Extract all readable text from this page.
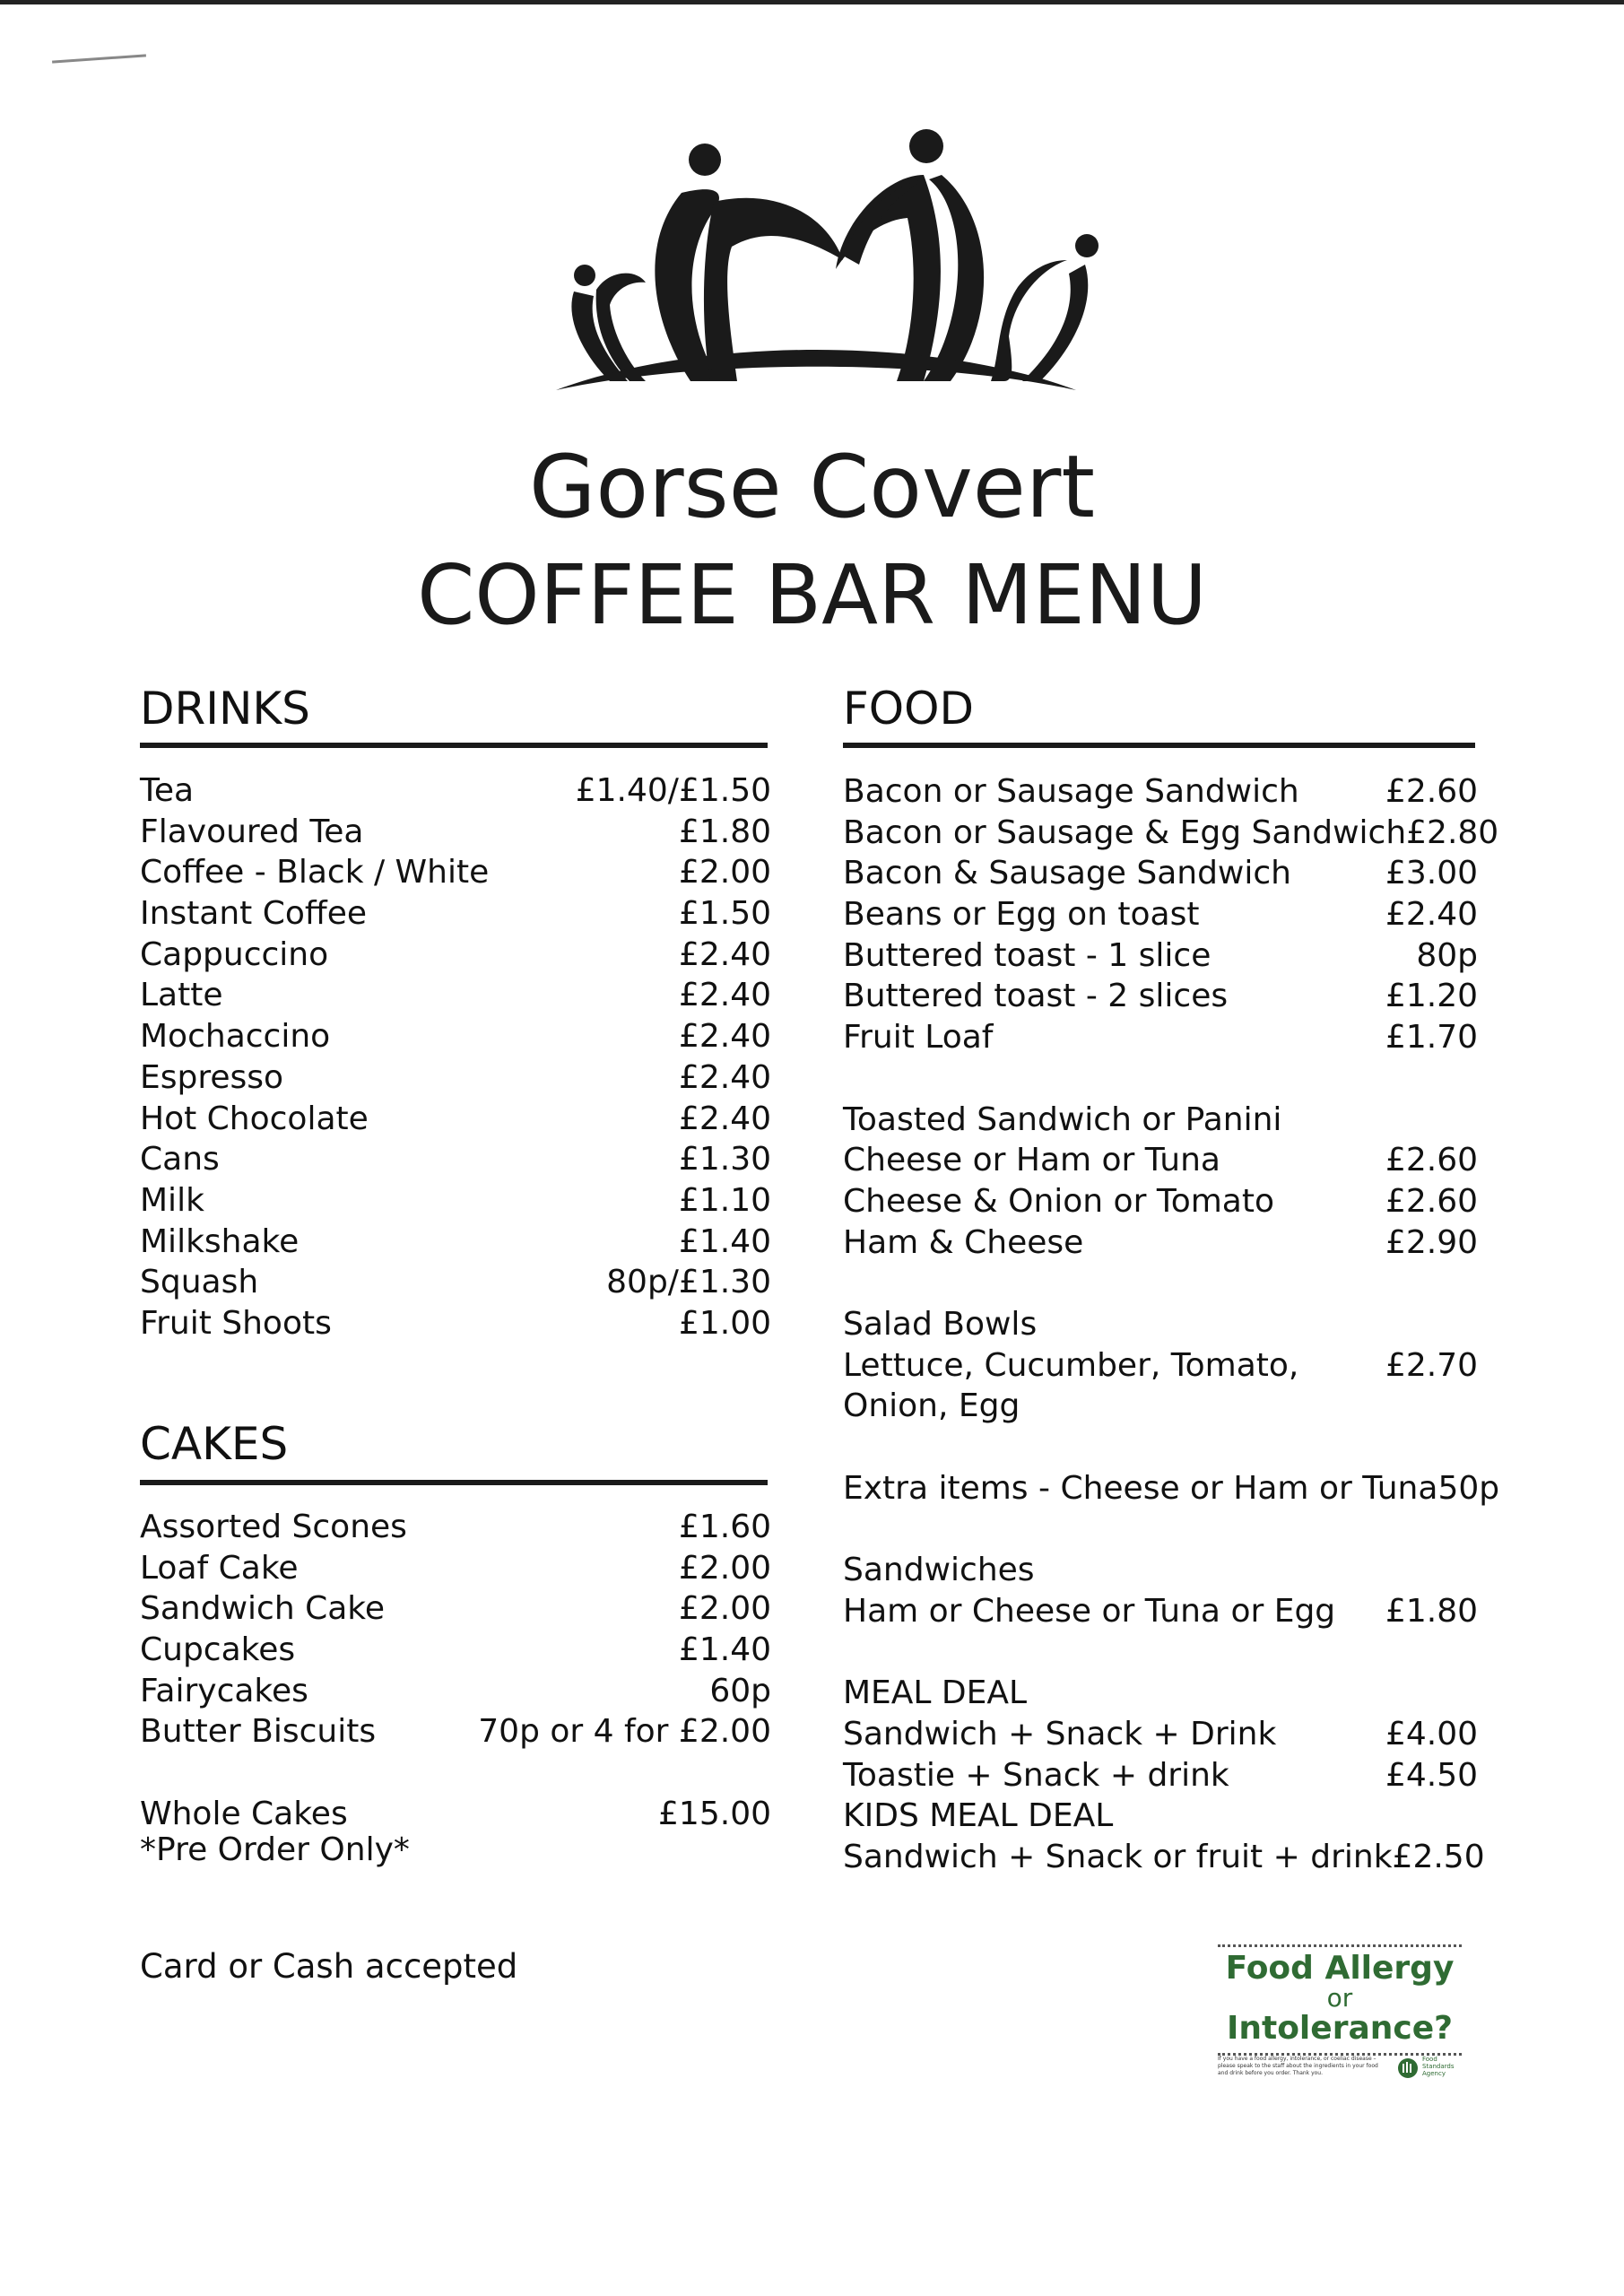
Gorse Covert
COFFEE BAR MENU
DRINKS
Tea	£1.40/£1.50
Flavoured Tea	£1.80
Coffee - Black / White	£2.00
Instant Coffee	£1.50
Cappuccino	£2.40
Latte	£2.40
Mochaccino	£2.40
Espresso	£2.40
Hot Chocolate	£2.40
Cans	£1.30
Milk	£1.10
Milkshake	£1.40
Squash	80p/£1.30
Fruit Shoots	£1.00
CAKES
Assorted Scones	£1.60
Loaf Cake	£2.00
Sandwich Cake	£2.00
Cupcakes	£1.40
Fairycakes	60p
Butter Biscuits	70p or 4 for £2.00
Whole Cakes	£15.00
*Pre Order Only*
FOOD
Bacon or Sausage Sandwich	£2.60
Bacon or Sausage & Egg Sandwich £2.80
Bacon & Sausage Sandwich	£3.00
Beans or Egg on toast	£2.40
Buttered toast - 1 slice	80p
Buttered toast - 2 slices	£1.20
Fruit Loaf	£1.70
Toasted Sandwich or Panini
Cheese or Ham or Tuna	£2.60
Cheese & Onion or Tomato	£2.60
Ham & Cheese	£2.90
Salad Bowls
Lettuce, Cucumber, Tomato,	£2.70
Onion, Egg
Extra items - Cheese or Ham or Tuna 50p
Sandwiches
Ham or Cheese or Tuna or Egg £1.80
MEAL DEAL
Sandwich + Snack + Drink	£4.00
Toastie + Snack + drink	£4.50
KIDS MEAL DEAL
Sandwich + Snack or fruit + drink £2.50
Card or Cash accepted	Food Allergy
or
Intolerance?
If you have a food allergy, intolerance, or coeliac disease – please speak to the staff about the ingredients in your food and drink before you order. Thank you.
Food Standards Agency
